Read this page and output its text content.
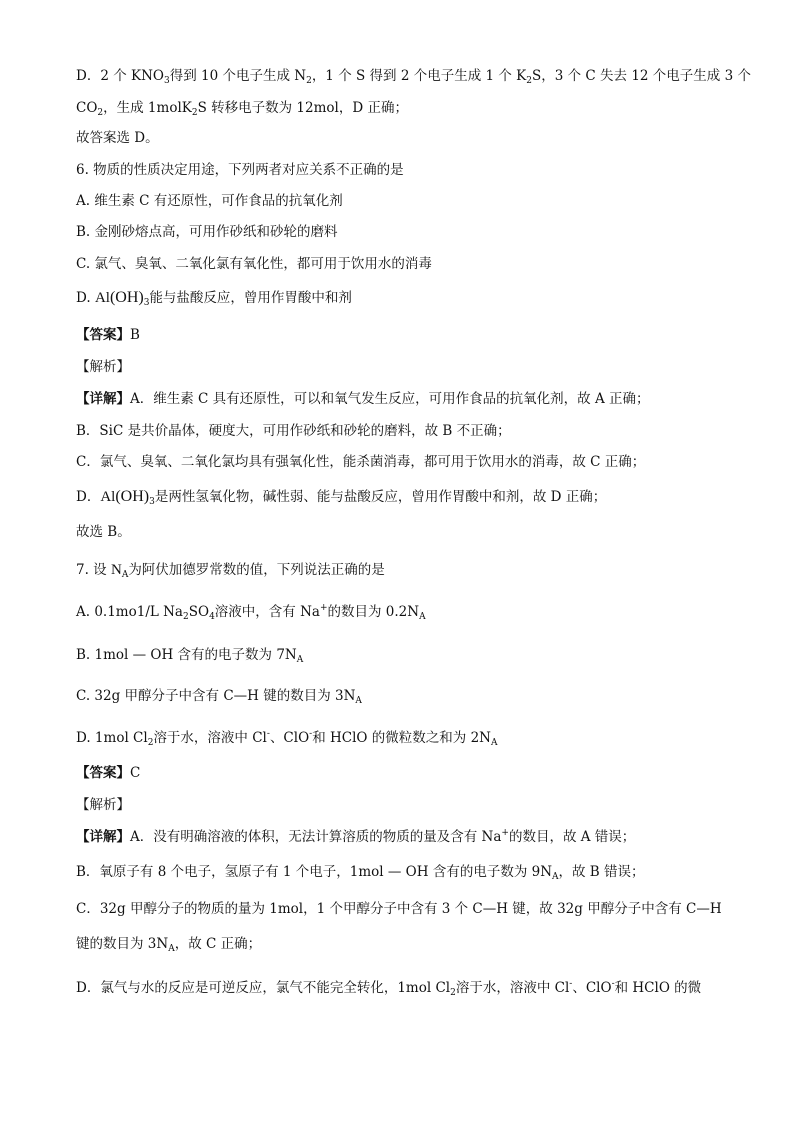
D．2 个 $KNO_3$得到 10 个电子生成 $N_2$，1 个 S 得到 2 个电子生成 1 个 $K_2S$，3 个 C 失去 12 个电子生成 3 个
$CO_2$，生成 1molK$_2$S 转移电子数为 12mol，D 正确；
故答案选 D。
6. 物质的性质决定用途，下列两者对应关系不正确的是
A. 维生素 C 有还原性，可作食品的抗氧化剂
B. 金刚砂熔点高，可用作砂纸和砂轮的磨料
C. 氯气、臭氧、二氧化氯有氧化性，都可用于饮用水的消毒
D. $Al(OH)_3$能与盐酸反应，曾用作胃酸中和剂
【答案】B
【解析】
【详解】A．维生素 C 具有还原性，可以和氧气发生反应，可用作食品的抗氧化剂，故 A 正确；
B．SiC 是共价晶体，硬度大，可用作砂纸和砂轮的磨料，故 B 不正确；
C．氯气、臭氧、二氧化氯均具有强氧化性，能杀菌消毒，都可用于饮用水的消毒，故 C 正确；
D．$Al(OH)_3$是两性氢氧化物，碱性弱、能与盐酸反应，曾用作胃酸中和剂，故 D 正确；
故选 B。
7. 设 $N_A$为阿伏加德罗常数的值，下列说法正确的是
A. 0.1mo1/L $Na_2SO_4$溶液中，含有 Na+的数目为 $0.2N_A$
B. 1mol — OH 含有的电子数为 $7N_A$
C. 32g 甲醇分子中含有 C—H 键的数目为 $3N_A$
D. 1mol $Cl_2$溶于水，溶液中 Cl-、ClO-和 HClO 的微粒数之和为 $2N_A$
【答案】C
【解析】
【详解】A．没有明确溶液的体积，无法计算溶质的物质的量及含有 Na+的数目，故 A 错误；
B．氧原子有 8 个电子，氢原子有 1 个电子，1mol — OH 含有的电子数为 $9N_A$，故 B 错误；
C．32g 甲醇分子的物质的量为 1mol，1 个甲醇分子中含有 3 个 C—H 键，故 32g 甲醇分子中含有 C—H
键的数目为 $3N_A$，故 C 正确；
D．氯气与水的反应是可逆反应，氯气不能完全转化，1mol $Cl_2$溶于水，溶液中 Cl-、ClO-和 HClO 的微
